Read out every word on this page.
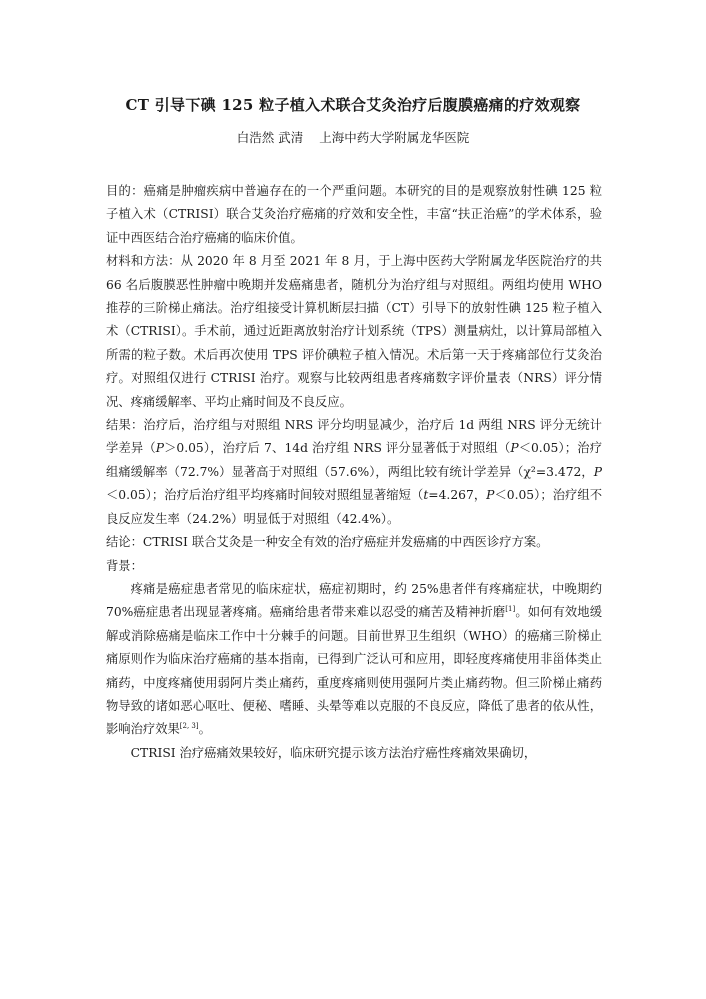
CT 引导下碘 125 粒子植入术联合艾灸治疗后腹膜癌痛的疗效观察

白浩然 武清 上海中药大学附属龙华医院

目的：癌痛是肿瘤疾病中普遍存在的一个严重问题。本研究的目的是观察放射性碘 125 粒子植入术（CTRISI）联合艾灸治疗癌痛的疗效和安全性，丰富“扶正治癌”的学术体系，验证中西医结合治疗癌痛的临床价值。

材料和方法：从 2020 年 8 月至 2021 年 8 月，于上海中医药大学附属龙华医院治疗的共 66 名后腹膜恶性肿瘤中晚期并发癌痛患者，随机分为治疗组与对照组。两组均使用 WHO 推荐的三阶梯止痛法。治疗组接受计算机断层扫描（CT）引导下的放射性碘 125 粒子植入术（CTRISI）。手术前，通过近距离放射治疗计划系统（TPS）测量病灶，以计算局部植入所需的粒子数。术后再次使用 TPS 评价碘粒子植入情况。术后第一天于疼痛部位行艾灸治疗。对照组仅进行 CTRISI 治疗。观察与比较两组患者疼痛数字评价量表（NRS）评分情况、疼痛缓解率、平均止痛时间及不良反应。

结果：治疗后，治疗组与对照组 NRS 评分均明显减少，治疗后 1d 两组 NRS 评分无统计学差异（P＞0.05），治疗后 7、14d 治疗组 NRS 评分显著低于对照组（P＜0.05）；治疗组痛缓解率（72.7%）显著高于对照组（57.6%），两组比较有统计学差异（χ²=3.472，P＜0.05）；治疗后治疗组平均疼痛时间较对照组显著缩短（t=4.267，P＜0.05）；治疗组不良反应发生率（24.2%）明显低于对照组（42.4%）。

结论：CTRISI 联合艾灸是一种安全有效的治疗癌症并发癌痛的中西医诊疗方案。

背景：

疼痛是癌症患者常见的临床症状，癌症初期时，约 25%患者伴有疼痛症状，中晚期约 70%癌症患者出现显著疼痛。癌痛给患者带来难以忍受的痛苦及精神折磨[1]。如何有效地缓解或消除癌痛是临床工作中十分棘手的问题。目前世界卫生组织（WHO）的癌痛三阶梯止痛原则作为临床治疗癌痛的基本指南，已得到广泛认可和应用，即轻度疼痛使用非甾体类止痛药，中度疼痛使用弱阿片类止痛药，重度疼痛则使用强阿片类止痛药物。但三阶梯止痛药物导致的诸如恶心呕吐、便秘、嗜睡、头晕等难以克服的不良反应，降低了患者的依从性，影响治疗效果[2, 3]。

CTRISI 治疗癌痛效果较好，临床研究提示该方法治疗癌性疼痛效果确切，
